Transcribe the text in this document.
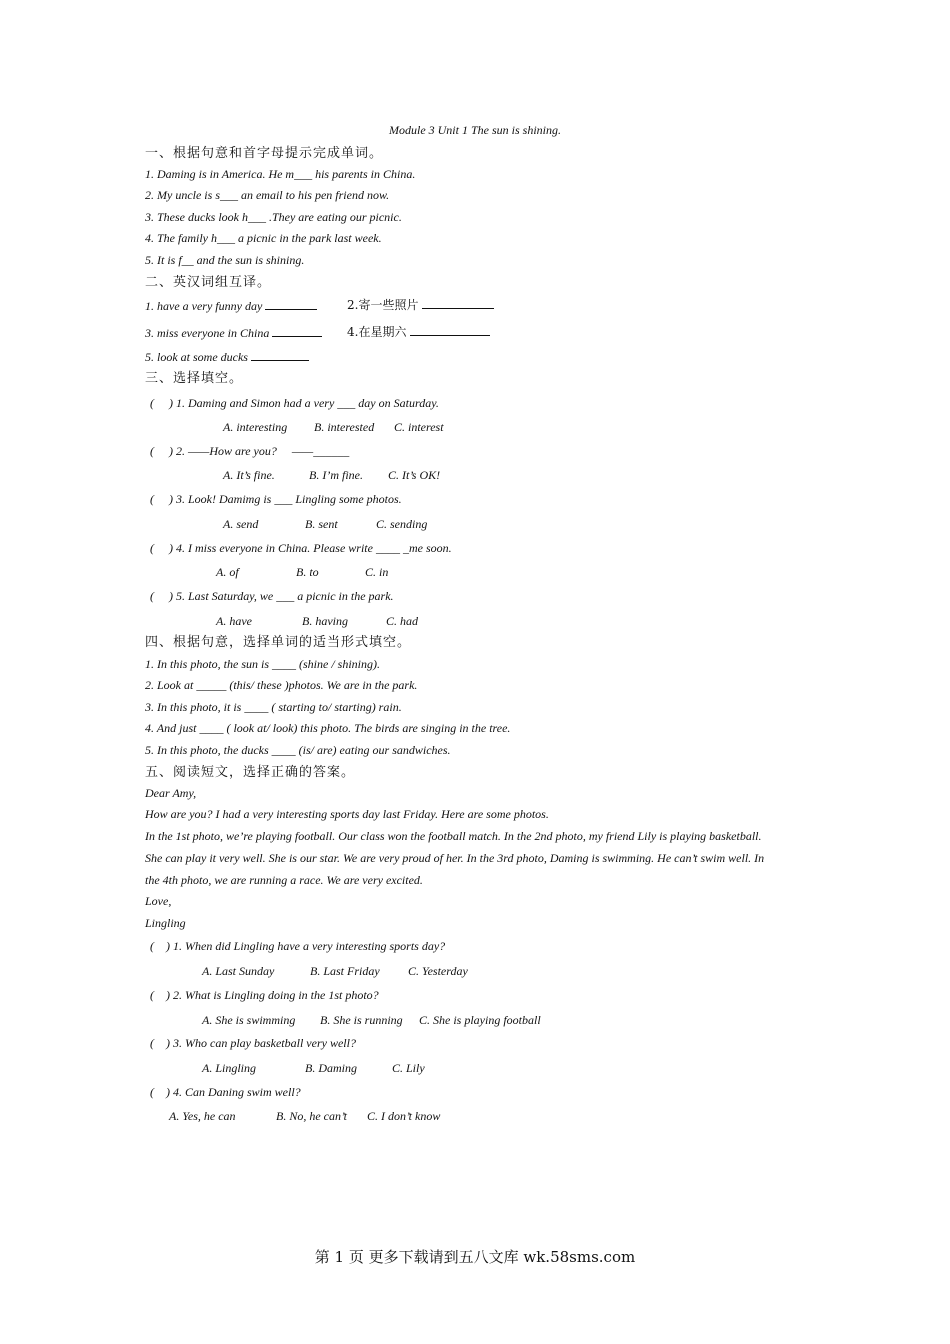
Module 3 Unit 1 The sun is shining.
一、根据句意和首字母提示完成单词。
1. Daming is in America. He m___ his parents in China.
2. My uncle is s___ an email to his pen friend now.
3. These ducks look h___ .They are eating our picnic.
4. The family h___ a picnic in the park last week.
5. It is f__ and the sun is shining.
二、英汉词组互译。
1. have a very funny day	2.寄一些照片
3. miss everyone in China	4.在星期六
5. look at some ducks
三、选择填空。
(     ) 1. Daming and Simon had a very ___ day on Saturday.
A. interesting B. interested C. interest
(     ) 2. ——How are you?     ——______
A. It’s fine.	B. I’m fine. C. It’s OK!
(     ) 3. Look! Damimg is ___ Lingling some photos.
A. send	B. sent	C. sending
(     ) 4. I miss everyone in China. Please write ____ _me soon.
A. of	B. to	C. in
(     ) 5. Last Saturday, we ___ a picnic in the park.
A. have	B. having	C. had
四、根据句意，选择单词的适当形式填空。
1. In this photo, the sun is ____ (shine / shining).
2. Look at _____ (this/ these )photos. We are in the park.
3. In this photo, it is ____ ( starting to/ starting) rain.
4. And just ____ ( look at/ look) this photo. The birds are singing in the tree.
5. In this photo, the ducks ____ (is/ are) eating our sandwiches.
五、阅读短文，选择正确的答案。
Dear Amy,
How are you? I had a very interesting sports day last Friday. Here are some photos.
In the 1st photo, we’re playing football. Our class won the football match. In the 2nd photo, my friend Lily is playing basketball.
She can play it very well. She is our star. We are very proud of her. In the 3rd photo, Daming is swimming. He can’t swim well. In
the 4th photo, we are running a race. We are very excited.
Love,
Lingling
(    ) 1. When did Lingling have a very interesting sports day?
A. Last Sunday	B. Last Friday C. Yesterday
(    ) 2. What is Lingling doing in the 1st photo?
A. She is swimming B. She is running C. She is playing football
(    ) 3. Who can play basketball very well?
A. Lingling	B. Daming	C. Lily
(    ) 4. Can Daning swim well?
A. Yes, he can	B. No, he can’t C. I don’t know
第 1 页 更多下载请到五八文库 wk.58sms.com
